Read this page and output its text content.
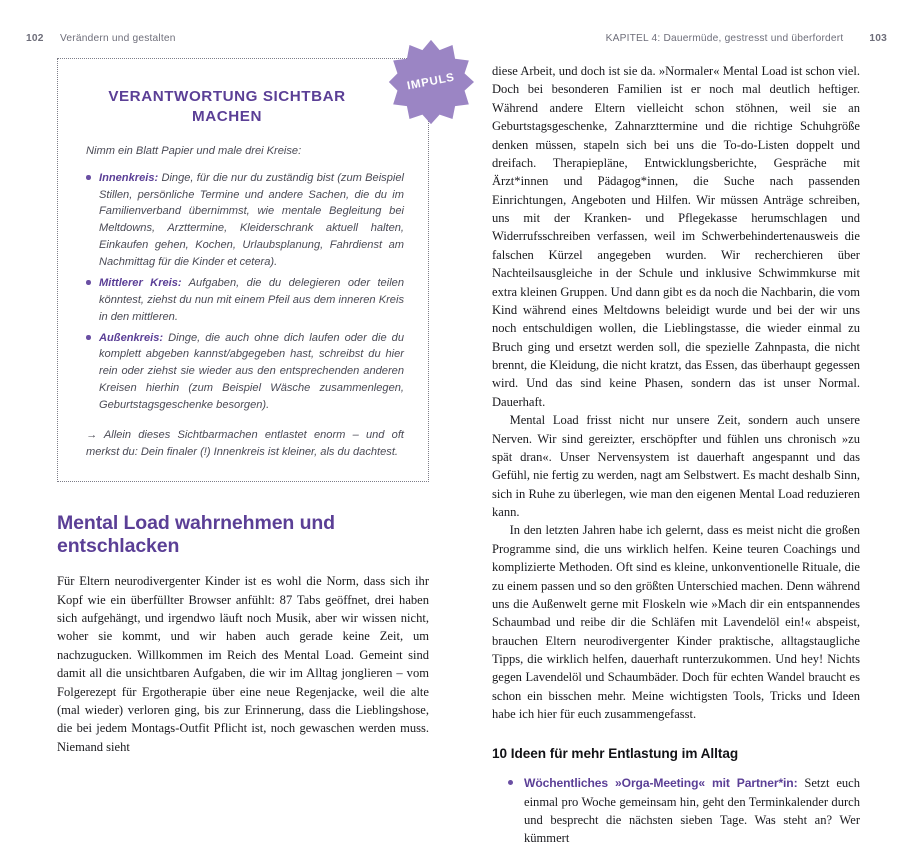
102 Verändern und gestalten	KAPITEL 4: Dauermüde, gestresst und überfordert	103
IMPULS
VERANTWORTUNG SICHTBAR MACHEN
Nimm ein Blatt Papier und male drei Kreise:
Innenkreis: Dinge, für die nur du zuständig bist (zum Beispiel Stillen, persönliche Termine und andere Sachen, die du im Familienverband übernimmst, wie mentale Begleitung bei Meltdowns, Arzttermine, Kleiderschrank aktuell halten, Einkaufen gehen, Kochen, Urlaubsplanung, Fahrdienst am Nachmittag für die Kinder et cetera).
Mittlerer Kreis: Aufgaben, die du delegieren oder teilen könntest, ziehst du nun mit einem Pfeil aus dem inneren Kreis in den mittleren.
Außenkreis: Dinge, die auch ohne dich laufen oder die du komplett abgeben kannst/abgegeben hast, schreibst du hier rein oder ziehst sie wieder aus den entsprechenden anderen Kreisen hierhin (zum Beispiel Wäsche zusammenlegen, Geburtstagsgeschenke besorgen).
→ Allein dieses Sichtbarmachen entlastet enorm – und oft merkst du: Dein finaler (!) Innenkreis ist kleiner, als du dachtest.
Mental Load wahrnehmen und entschlacken

Für Eltern neurodivergenter Kinder ist es wohl die Norm, dass sich ihr Kopf wie ein überfüllter Browser anfühlt: 87 Tabs geöffnet, drei haben sich aufgehängt, und irgendwo läuft noch Musik, aber wir wissen nicht, woher sie kommt, und wir haben auch gerade keine Zeit, um nachzugucken. Willkommen im Reich des Mental Load. Gemeint sind damit all die unsichtbaren Aufgaben, die wir im Alltag jonglieren – vom Folgerezept für Ergotherapie über eine neue Regenjacke, weil die alte (mal wieder) verloren ging, bis zur Erinnerung, dass die Lieblingshose, die bei jedem Montags-Outfit Pflicht ist, noch gewaschen werden muss. Niemand sieht

diese Arbeit, und doch ist sie da. »Normaler« Mental Load ist schon viel. Doch bei besonderen Familien ist er noch mal deutlich heftiger. Während andere Eltern vielleicht schon stöhnen, weil sie an Geburtstagsgeschenke, Zahnarzttermine und die richtige Schuhgröße denken müssen, stapeln sich bei uns die To-do-Listen doppelt und dreifach. Therapiepläne, Entwicklungsberichte, Gespräche mit Ärzt*innen und Pädagog*innen, die Suche nach passenden Einrichtungen, Angeboten und Hilfen. Wir müssen Anträge schreiben, uns mit der Kranken- und Pflegekasse herumschlagen und Widerrufsschreiben verfassen, weil im Schwerbehindertenausweis die falschen Kürzel angegeben wurden. Wir recherchieren über Nachteilsausgleiche in der Schule und inklusive Schwimmkurse mit extra kleinen Gruppen. Und dann gibt es da noch die Nachbarin, die vom Kind während eines Meltdowns beleidigt wurde und bei der wir uns noch entschuldigen wollen, die Lieblingstasse, die wieder einmal zu Bruch ging und ersetzt werden soll, die spezielle Zahnpasta, die nicht brennt, die Kleidung, die nicht kratzt, das Essen, das überhaupt gegessen wird. Und das sind keine Phasen, sondern das ist unser Normal. Dauerhaft.

Mental Load frisst nicht nur unsere Zeit, sondern auch unsere Nerven. Wir sind gereizter, erschöpfter und fühlen uns chronisch »zu spät dran«. Unser Nervensystem ist dauerhaft angespannt und das Gefühl, nie fertig zu werden, nagt am Selbstwert. Es macht deshalb Sinn, sich in Ruhe zu überlegen, wie man den eigenen Mental Load reduzieren kann.

In den letzten Jahren habe ich gelernt, dass es meist nicht die großen Programme sind, die uns wirklich helfen. Keine teuren Coachings und komplizierte Methoden. Oft sind es kleine, unkonventionelle Rituale, die zu einem passen und so den größten Unterschied machen. Denn während uns die Außenwelt gerne mit Floskeln wie »Mach dir ein entspannendes Schaumbad und reibe dir die Schläfen mit Lavendelöl ein!« abspeist, brauchen Eltern neurodivergenter Kinder praktische, alltagstaugliche Tipps, die wirklich helfen, dauerhaft runterzukommen. Und hey! Nichts gegen Lavendelöl und Schaumbäder. Doch für echten Wandel braucht es schon ein bisschen mehr. Meine wichtigsten Tools, Tricks und Ideen habe ich hier für euch zusammengefasst.

10 Ideen für mehr Entlastung im Alltag
Wöchentliches »Orga-Meeting« mit Partner*in: Setzt euch einmal pro Woche gemeinsam hin, geht den Terminkalender durch und besprecht die nächsten sieben Tage. Was steht an? Wer kümmert
